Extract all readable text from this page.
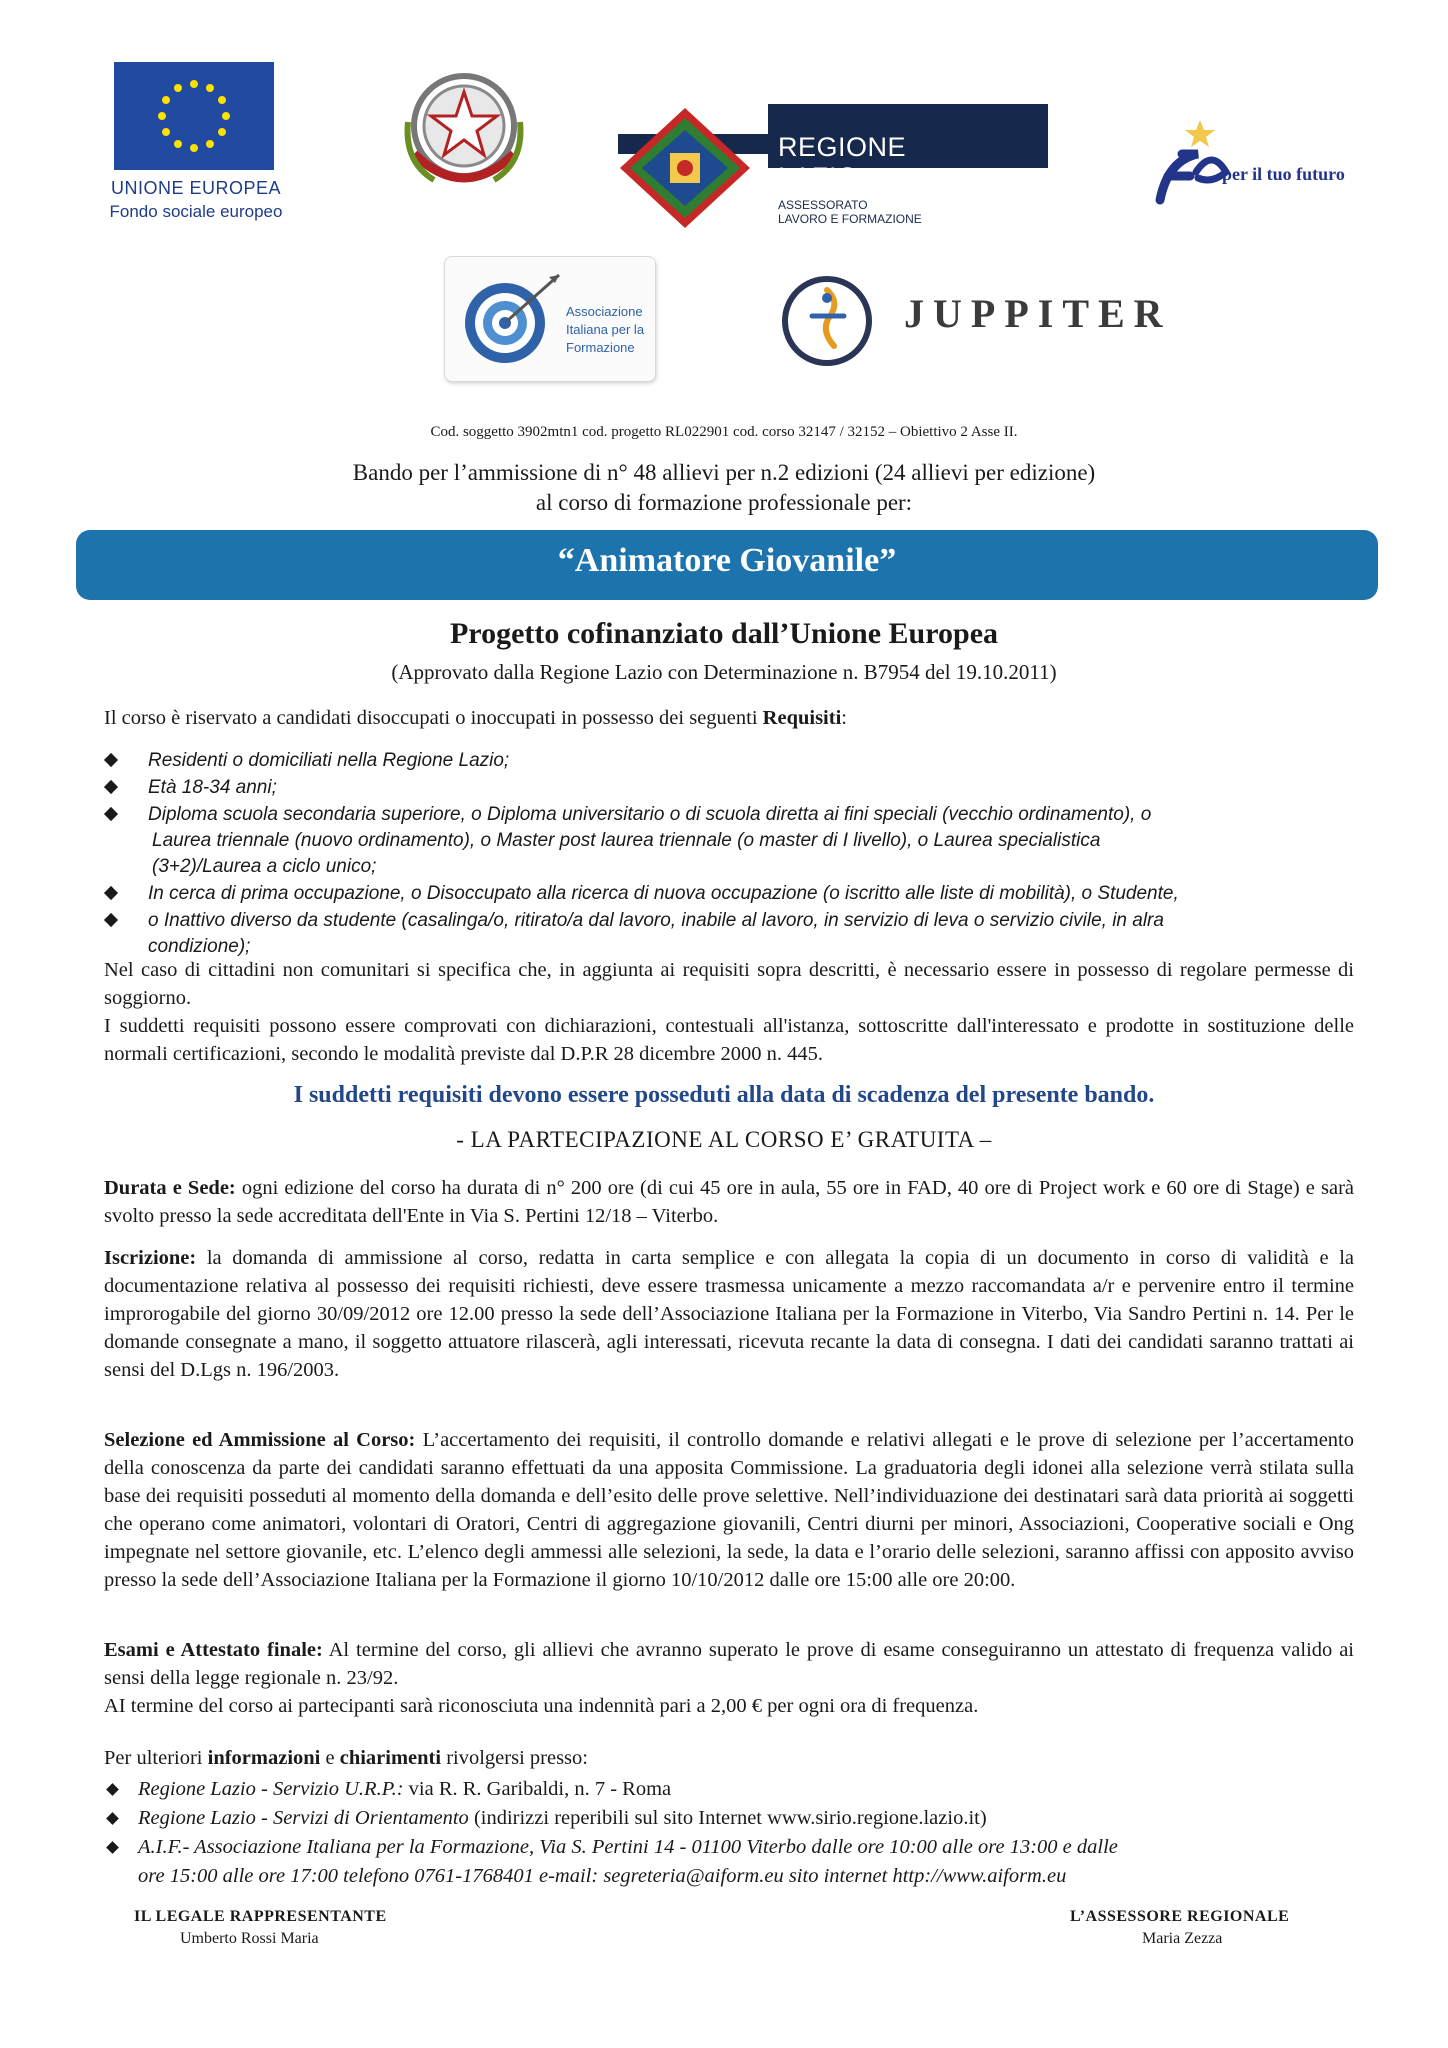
UNIONE EUROPEA
Fondo sociale europeo
REPUBBLICA ITALIANA
REGIONE
LAZIO
ASSESSORATO
LAVORO E FORMAZIONE
per il tuo futuro
Associazione
Italiana per la
Formazione
JUPPITER
Cod. soggetto 3902mtn1 cod. progetto RL022901 cod. corso 32147 / 32152 – Obiettivo 2 Asse II.
Bando per l’ammissione di n° 48 allievi per n.2 edizioni (24 allievi per edizione)
al corso di formazione professionale per:
“Animatore Giovanile”
Progetto cofinanziato dall’Unione Europea
(Approvato dalla Regione Lazio con Determinazione n. B7954 del 19.10.2011)
Il corso è riservato a candidati disoccupati o inoccupati in possesso dei seguenti Requisiti:
Residenti o domiciliati nella Regione Lazio;
Età 18-34 anni;
Diploma scuola secondaria superiore, o Diploma universitario o di scuola diretta ai fini speciali (vecchio ordinamento), o
Laurea triennale (nuovo ordinamento), o Master post laurea triennale (o master di I livello), o Laurea specialistica
(3+2)/Laurea a ciclo unico;
In cerca di prima occupazione, o Disoccupato alla ricerca di nuova occupazione (o iscritto alle liste di mobilità), o Studente,
o Inattivo diverso da studente (casalinga/o, ritirato/a dal lavoro, inabile al lavoro, in servizio di leva o servizio civile, in alra
condizione);
Nel caso di cittadini non comunitari si specifica che, in aggiunta ai requisiti sopra descritti, è necessario essere in possesso di regolare permesse di soggiorno.
I suddetti requisiti possono essere comprovati con dichiarazioni, contestuali all'istanza, sottoscritte dall'interessato e prodotte in sostituzione delle normali certificazioni, secondo le modalità previste dal D.P.R 28 dicembre 2000 n. 445.
I suddetti requisiti devono essere posseduti alla data di scadenza del presente bando.
- LA PARTECIPAZIONE AL CORSO E’ GRATUITA –
Durata e Sede: ogni edizione del corso ha durata di n° 200 ore (di cui 45 ore in aula, 55 ore in FAD, 40 ore di Project work e 60 ore di Stage) e sarà svolto presso la sede accreditata dell'Ente in Via S. Pertini 12/18 – Viterbo.
Iscrizione: la domanda di ammissione al corso, redatta in carta semplice e con allegata la copia di un documento in corso di validità e la documentazione relativa al possesso dei requisiti richiesti, deve essere trasmessa unicamente a mezzo raccomandata a/r e pervenire entro il termine improrogabile del giorno 30/09/2012 ore 12.00 presso la sede dell’Associazione Italiana per la Formazione in Viterbo, Via Sandro Pertini n. 14. Per le domande consegnate a mano, il soggetto attuatore rilascerà, agli interessati, ricevuta recante la data di consegna. I dati dei candidati saranno trattati ai sensi del D.Lgs n. 196/2003.
Selezione ed Ammissione al Corso: L’accertamento dei requisiti, il controllo domande e relativi allegati e le prove di selezione per l’accertamento della conoscenza da parte dei candidati saranno effettuati da una apposita Commissione. La graduatoria degli idonei alla selezione verrà stilata sulla base dei requisiti posseduti al momento della domanda e dell’esito delle prove selettive. Nell’individuazione dei destinatari sarà data priorità ai soggetti che operano come animatori, volontari di Oratori, Centri di aggregazione giovanili, Centri diurni per minori, Associazioni, Cooperative sociali e Ong impegnate nel settore giovanile, etc. L’elenco degli ammessi alle selezioni, la sede, la data e l’orario delle selezioni, saranno affissi con apposito avviso presso la sede dell’Associazione Italiana per la Formazione il giorno 10/10/2012 dalle ore 15:00 alle ore 20:00.
Esami e Attestato finale: Al termine del corso, gli allievi che avranno superato le prove di esame conseguiranno un attestato di frequenza valido ai sensi della legge regionale n. 23/92.
AI termine del corso ai partecipanti sarà riconosciuta una indennità pari a 2,00 € per ogni ora di frequenza.
Per ulteriori informazioni e chiarimenti rivolgersi presso:
Regione Lazio - Servizio U.R.P.: via R. R. Garibaldi, n. 7 - Roma
Regione Lazio - Servizi di Orientamento (indirizzi reperibili sul sito Internet www.sirio.regione.lazio.it)
A.I.F.- Associazione Italiana per la Formazione, Via S. Pertini 14 - 01100 Viterbo dalle ore 10:00 alle ore 13:00 e dalle
ore 15:00 alle ore 17:00 telefono 0761-1768401 e-mail: segreteria@aiform.eu sito internet http://www.aiform.eu
IL LEGALE RAPPRESENTANTE
Umberto Rossi Maria
L’ASSESSORE REGIONALE
Maria Zezza
